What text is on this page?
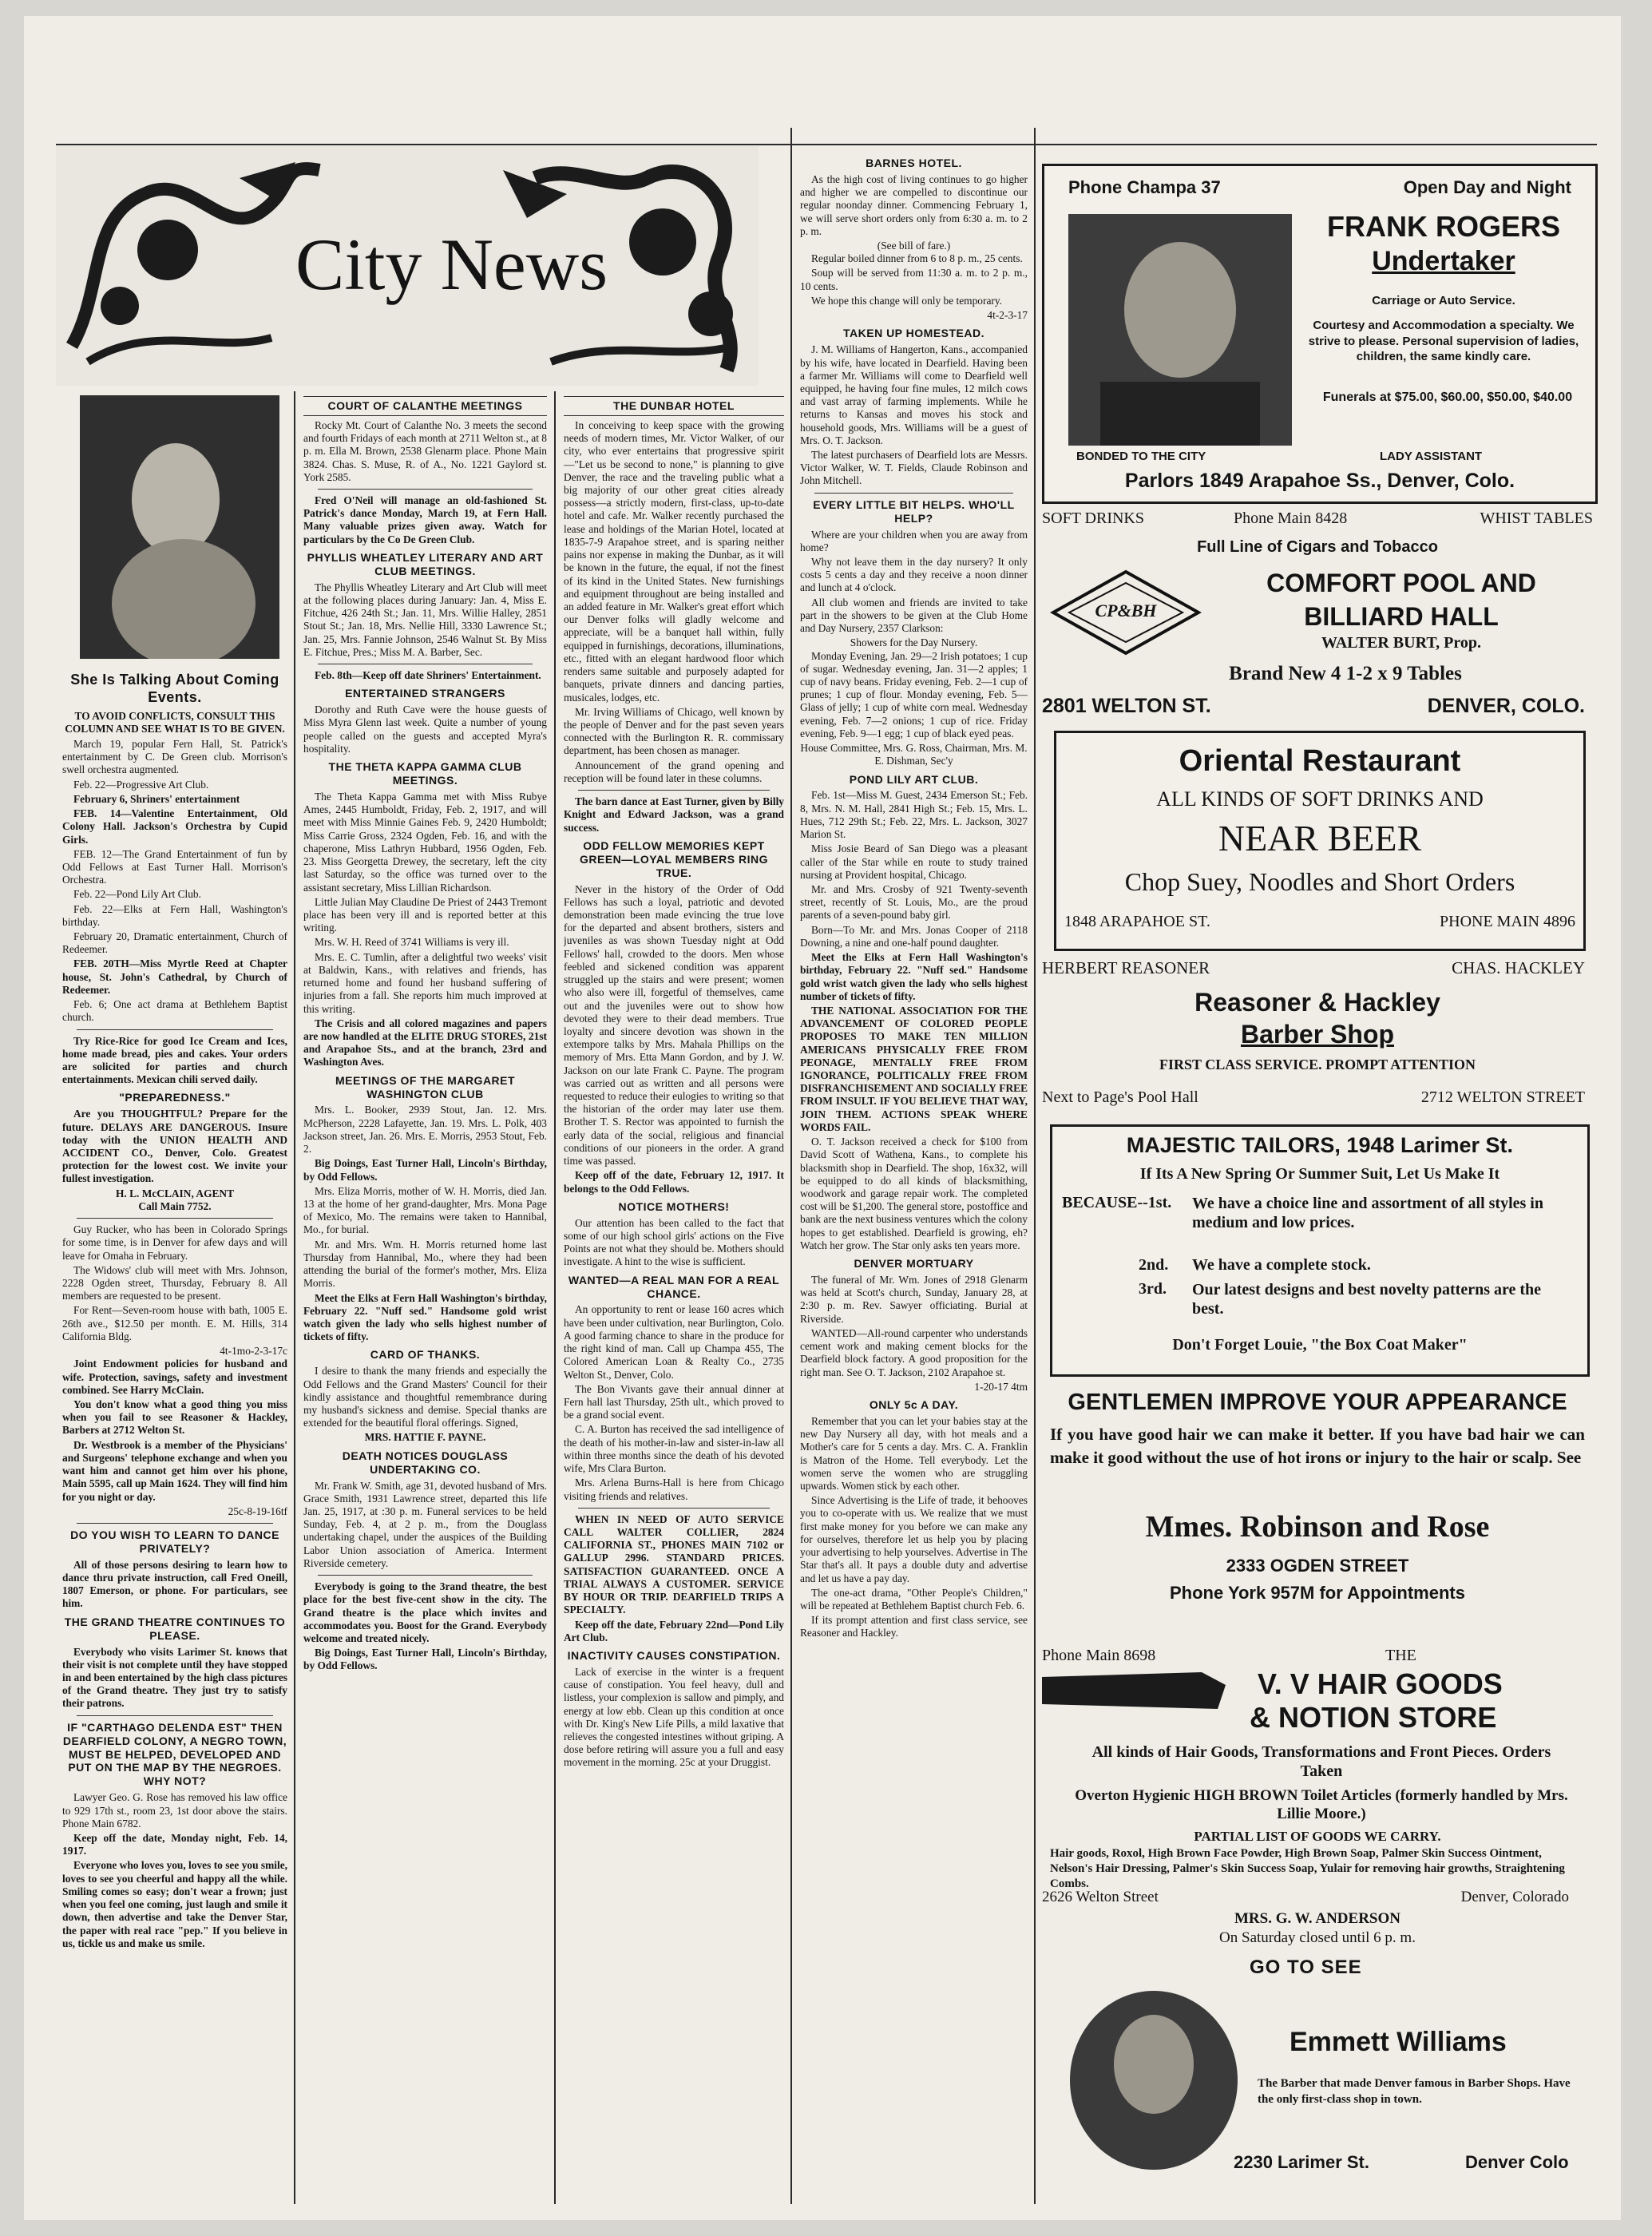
City News
She Is Talking About Coming Events.
TO AVOID CONFLICTS, CONSULT THIS COLUMN AND SEE WHAT IS TO BE GIVEN.

March 19, popular Fern Hall, St. Patrick's entertainment by C. De Green club. Morrison's swell orchestra augmented.

Feb. 22—Progressive Art Club.

February 6, Shriners' entertainment

FEB. 14—Valentine Entertainment, Old Colony Hall. Jackson's Orchestra by Cupid Girls.

FEB. 12—The Grand Entertainment of fun by Odd Fellows at East Turner Hall. Morrison's Orchestra.

Feb. 22—Pond Lily Art Club.

Feb. 22—Elks at Fern Hall, Washington's birthday.

February 20, Dramatic entertainment, Church of Redeemer.

FEB. 20TH—Miss Myrtle Reed at Chapter house, St. John's Cathedral, by Church of Redeemer.

Feb. 6; One act drama at Bethlehem Baptist church.

Try Rice-Rice for good Ice Cream and Ices, home made bread, pies and cakes. Your orders are solicited for parties and church entertainments. Mexican chili served daily.

"PREPAREDNESS."

Are you THOUGHTFUL? Prepare for the future. DELAYS ARE DANGEROUS. Insure today with the UNION HEALTH AND ACCIDENT CO., Denver, Colo. Greatest protection for the lowest cost. We invite your fullest investigation.

H. L. McCLAIN, AGENT
Call Main 7752.

Guy Rucker, who has been in Colorado Springs for some time, is in Denver for afew days and will leave for Omaha in February.

The Widows' club will meet with Mrs. Johnson, 2228 Ogden street, Thursday, February 8. All members are requested to be present.

For Rent—Seven-room house with bath, 1005 E. 26th ave., $12.50 per month. E. M. Hills, 314 California Bldg.

4t-1mo-2-3-17c

Joint Endowment policies for husband and wife. Protection, savings, safety and investment combined. See Harry McClain.

You don't know what a good thing you miss when you fail to see Reasoner & Hackley, Barbers at 2712 Welton St.

Dr. Westbrook is a member of the Physicians' and Surgeons' telephone exchange and when you want him and cannot get him over his phone, Main 5595, call up Main 1624. They will find him for you night or day.

25c-8-19-16tf
DO YOU WISH TO LEARN TO DANCE PRIVATELY?

All of those persons desiring to learn how to dance thru private instruction, call Fred Oneill, 1807 Emerson, or phone. For particulars, see him.

THE GRAND THEATRE CONTINUES TO PLEASE.

Everybody who visits Larimer St. knows that their visit is not complete until they have stopped in and been entertained by the high class pictures of the Grand theatre. They just try to satisfy their patrons.

IF "CARTHAGO DELENDA EST" THEN DEARFIELD COLONY, A NEGRO TOWN, MUST BE HELPED, DEVELOPED AND PUT ON THE MAP BY THE NEGROES. WHY NOT?

Lawyer Geo. G. Rose has removed his law office to 929 17th st., room 23, 1st door above the stairs. Phone Main 6782.

Keep off the date, Monday night, Feb. 14, 1917.

Everyone who loves you, loves to see you smile, loves to see you cheerful and happy all the while. Smiling comes so easy; don't wear a frown; just when you feel one coming, just laugh and smile it down, then advertise and take the Denver Star, the paper with real race "pep." If you believe in us, tickle us and make us smile.

COURT OF CALANTHE MEETINGS

Rocky Mt. Court of Calanthe No. 3 meets the second and fourth Fridays of each month at 2711 Welton st., at 8 p. m. Ella M. Brown, 2538 Glenarm place. Phone Main 3824. Chas. S. Muse, R. of A., No. 1221 Gaylord st. York 2585.

Fred O'Neil will manage an old-fashioned St. Patrick's dance Monday, March 19, at Fern Hall. Many valuable prizes given away. Watch for particulars by the Co De Green Club.

PHYLLIS WHEATLEY LITERARY AND ART CLUB MEETINGS.

The Phyllis Wheatley Literary and Art Club will meet at the following places during January: Jan. 4, Miss E. Fitchue, 426 24th St.; Jan. 11, Mrs. Willie Halley, 2851 Stout St.; Jan. 18, Mrs. Nellie Hill, 3330 Lawrence St.; Jan. 25, Mrs. Fannie Johnson, 2546 Walnut St. By Miss E. Fitchue, Pres.; Miss M. A. Barber, Sec.

Feb. 8th—Keep off date Shriners' Entertainment.

ENTERTAINED STRANGERS

Dorothy and Ruth Cave were the house guests of Miss Myra Glenn last week. Quite a number of young people called on the guests and accepted Myra's hospitality.

THE THETA KAPPA GAMMA CLUB MEETINGS.

The Theta Kappa Gamma met with Miss Rubye Ames, 2445 Humboldt, Friday, Feb. 2, 1917, and will meet with Miss Minnie Gaines Feb. 9, 2420 Humboldt; Miss Carrie Gross, 2324 Ogden, Feb. 16, and with the chaperone, Miss Lathryn Hubbard, 1956 Ogden, Feb. 23. Miss Georgetta Drewey, the secretary, left the city last Saturday, so the office was turned over to the assistant secretary, Miss Lillian Richardson.

Little Julian May Claudine De Priest of 2443 Tremont place has been very ill and is reported better at this writing.

Mrs. W. H. Reed of 3741 Williams is very ill.

Mrs. E. C. Tumlin, after a delightful two weeks' visit at Baldwin, Kans., with relatives and friends, has returned home and found her husband suffering of injuries from a fall. She reports him much improved at this writing.

The Crisis and all colored magazines and papers are now handled at the ELITE DRUG STORES, 21st and Arapahoe Sts., and at the branch, 23rd and Washington Aves.

MEETINGS OF THE MARGARET WASHINGTON CLUB

Mrs. L. Booker, 2939 Stout, Jan. 12. Mrs. McPherson, 2228 Lafayette, Jan. 19. Mrs. L. Polk, 403 Jackson street, Jan. 26. Mrs. E. Morris, 2953 Stout, Feb. 2.

Big Doings, East Turner Hall, Lincoln's Birthday, by Odd Fellows.

Mrs. Eliza Morris, mother of W. H. Morris, died Jan. 13 at the home of her grand-daughter, Mrs. Mona Page of Mexico, Mo. The remains were taken to Hannibal, Mo., for burial.

Mr. and Mrs. Wm. H. Morris returned home last Thursday from Hannibal, Mo., where they had been attending the burial of the former's mother, Mrs. Eliza Morris.

Meet the Elks at Fern Hall Washington's birthday, February 22. "Nuff sed." Handsome gold wrist watch given the lady who sells highest number of tickets of fifty.

CARD OF THANKS.

I desire to thank the many friends and especially the Odd Fellows and the Grand Masters' Council for their kindly assistance and thoughtful remembrance during my husband's sickness and demise. Special thanks are extended for the beautiful floral offerings. Signed,

MRS. HATTIE F. PAYNE.
DEATH NOTICES DOUGLASS UNDERTAKING CO.

Mr. Frank W. Smith, age 31, devoted husband of Mrs. Grace Smith, 1931 Lawrence street, departed this life Jan. 25, 1917, at :30 p. m. Funeral services to be held Sunday, Feb. 4, at 2 p. m., from the Douglass undertaking chapel, under the auspices of the Building Labor Union association of America. Interment Riverside cemetery.

Everybody is going to the 3rand theatre, the best place for the best five-cent show in the city. The Grand theatre is the place which invites and accommodates you. Boost for the Grand. Everybody welcome and treated nicely.

Big Doings, East Turner Hall, Lincoln's Birthday, by Odd Fellows.

THE DUNBAR HOTEL

In conceiving to keep space with the growing needs of modern times, Mr. Victor Walker, of our city, who ever entertains that progressive spirit—"Let us be second to none," is planning to give Denver, the race and the traveling public what a big majority of our other great cities already possess—a strictly modern, first-class, up-to-date hotel and cafe. Mr. Walker recently purchased the lease and holdings of the Marian Hotel, located at 1835-7-9 Arapahoe street, and is sparing neither pains nor expense in making the Dunbar, as it will be known in the future, the equal, if not the finest of its kind in the United States. New furnishings and equipment throughout are being installed and an added feature in Mr. Walker's great effort which our Denver folks will gladly welcome and appreciate, will be a banquet hall within, fully equipped in furnishings, decorations, illuminations, etc., fitted with an elegant hardwood floor which renders same suitable and purposely adapted for banquets, private dinners and dancing parties, musicales, lodges, etc.

Mr. Irving Williams of Chicago, well known by the people of Denver and for the past seven years connected with the Burlington R. R. commissary department, has been chosen as manager.

Announcement of the grand opening and reception will be found later in these columns.

The barn dance at East Turner, given by Billy Knight and Edward Jackson, was a grand success.

ODD FELLOW MEMORIES KEPT GREEN—LOYAL MEMBERS RING TRUE.

Never in the history of the Order of Odd Fellows has such a loyal, patriotic and devoted demonstration been made evincing the true love for the departed and absent brothers, sisters and juveniles as was shown Tuesday night at Odd Fellows' hall, crowded to the doors. Men whose feebled and sickened condition was apparent struggled up the stairs and were present; women who also were ill, forgetful of themselves, came out and the juveniles were out to show how devoted they were to their dead members. True loyalty and sincere devotion was shown in the extempore talks by Mrs. Mahala Phillips on the memory of Mrs. Etta Mann Gordon, and by J. W. Jackson on our late Frank C. Payne. The program was carried out as written and all persons were requested to reduce their eulogies to writing so that the historian of the order may later use them. Brother T. S. Rector was appointed to furnish the early data of the social, religious and financial conditions of our pioneers in the order. A grand time was passed.

Keep off of the date, February 12, 1917. It belongs to the Odd Fellows.

NOTICE MOTHERS!

Our attention has been called to the fact that some of our high school girls' actions on the Five Points are not what they should be. Mothers should investigate. A hint to the wise is sufficient.

WANTED—A REAL MAN FOR A REAL CHANCE.

An opportunity to rent or lease 160 acres which have been under cultivation, near Burlington, Colo. A good farming chance to share in the produce for the right kind of man. Call up Champa 455, The Colored American Loan & Realty Co., 2735 Welton St., Denver, Colo.

The Bon Vivants gave their annual dinner at Fern hall last Thursday, 25th ult., which proved to be a grand social event.

C. A. Burton has received the sad intelligence of the death of his mother-in-law and sister-in-law all within three months since the death of his devoted wife, Mrs Clara Burton.

Mrs. Arlena Burns-Hall is here from Chicago visiting friends and relatives.

WHEN IN NEED OF AUTO SERVICE CALL WALTER COLLIER, 2824 CALIFORNIA ST., PHONES MAIN 7102 or GALLUP 2996. STANDARD PRICES. SATISFACTION GUARANTEED. ONCE A TRIAL ALWAYS A CUSTOMER. SERVICE BY HOUR OR TRIP. DEARFIELD TRIPS A SPECIALTY.

Keep off the date, February 22nd—Pond Lily Art Club.

INACTIVITY CAUSES CONSTIPATION.

Lack of exercise in the winter is a frequent cause of constipation. You feel heavy, dull and listless, your complexion is sallow and pimply, and energy at low ebb. Clean up this condition at once with Dr. King's New Life Pills, a mild laxative that relieves the congested intestines without griping. A dose before retiring will assure you a full and easy movement in the morning. 25c at your Druggist.

BARNES HOTEL.

As the high cost of living continues to go higher and higher we are compelled to discontinue our regular noonday dinner. Commencing February 1, we will serve short orders only from 6:30 a. m. to 2 p. m.

(See bill of fare.)

Regular boiled dinner from 6 to 8 p. m., 25 cents.

Soup will be served from 11:30 a. m. to 2 p. m., 10 cents.

We hope this change will only be temporary.

4t-2-3-17
TAKEN UP HOMESTEAD.

J. M. Williams of Hangerton, Kans., accompanied by his wife, have located in Dearfield. Having been a farmer Mr. Williams will come to Dearfield well equipped, he having four fine mules, 12 milch cows and vast array of farming implements. While he returns to Kansas and moves his stock and household goods, Mrs. Williams will be a guest of Mrs. O. T. Jackson.

The latest purchasers of Dearfield lots are Messrs. Victor Walker, W. T. Fields, Claude Robinson and John Mitchell.

EVERY LITTLE BIT HELPS. WHO'LL HELP?

Where are your children when you are away from home?

Why not leave them in the day nursery? It only costs 5 cents a day and they receive a noon dinner and lunch at 4 o'clock.

All club women and friends are invited to take part in the showers to be given at the Club Home and Day Nursery, 2357 Clarkson:

Showers for the Day Nursery.

Monday Evening, Jan. 29—2 Irish potatoes; 1 cup of sugar. Wednesday evening, Jan. 31—2 apples; 1 cup of navy beans. Friday evening, Feb. 2—1 cup of prunes; 1 cup of flour. Monday evening, Feb. 5—Glass of jelly; 1 cup of white corn meal. Wednesday evening, Feb. 7—2 onions; 1 cup of rice. Friday evening, Feb. 9—1 egg; 1 cup of black eyed peas.

House Committee, Mrs. G. Ross, Chairman, Mrs. M. E. Dishman, Sec'y
POND LILY ART CLUB.

Feb. 1st—Miss M. Guest, 2434 Emerson St.; Feb. 8, Mrs. N. M. Hall, 2841 High St.; Feb. 15, Mrs. L. Hues, 712 29th St.; Feb. 22, Mrs. L. Jackson, 3027 Marion St.

Miss Josie Beard of San Diego was a pleasant caller of the Star while en route to study trained nursing at Provident hospital, Chicago.

Mr. and Mrs. Crosby of 921 Twenty-seventh street, recently of St. Louis, Mo., are the proud parents of a seven-pound baby girl.

Born—To Mr. and Mrs. Jonas Cooper of 2118 Downing, a nine and one-half pound daughter.

Meet the Elks at Fern Hall Washington's birthday, February 22. "Nuff sed." Handsome gold wrist watch given the lady who sells highest number of tickets of fifty.

THE NATIONAL ASSOCIATION FOR THE ADVANCEMENT OF COLORED PEOPLE PROPOSES TO MAKE TEN MILLION AMERICANS PHYSICALLY FREE FROM PEONAGE, MENTALLY FREE FROM IGNORANCE, POLITICALLY FREE FROM DISFRANCHISEMENT AND SOCIALLY FREE FROM INSULT. IF YOU BELIEVE THAT WAY, JOIN THEM. ACTIONS SPEAK WHERE WORDS FAIL.

O. T. Jackson received a check for $100 from David Scott of Wathena, Kans., to complete his blacksmith shop in Dearfield. The shop, 16x32, will be equipped to do all kinds of blacksmithing, woodwork and garage repair work. The completed cost will be $1,200. The general store, postoffice and bank are the next business ventures which the colony hopes to get established. Dearfield is growing, eh? Watch her grow. The Star only asks ten years more.

DENVER MORTUARY

The funeral of Mr. Wm. Jones of 2918 Glenarm was held at Scott's church, Sunday, January 28, at 2:30 p. m. Rev. Sawyer officiating. Burial at Riverside.

WANTED—All-round carpenter who understands cement work and making cement blocks for the Dearfield block factory. A good proposition for the right man. See O. T. Jackson, 2102 Arapahoe st.

1-20-17 4tm
ONLY 5c A DAY.

Remember that you can let your babies stay at the new Day Nursery all day, with hot meals and a Mother's care for 5 cents a day. Mrs. C. A. Franklin is Matron of the Home. Tell everybody. Let the women serve the women who are struggling upwards. Women stick by each other.

Since Advertising is the Life of trade, it behooves you to co-operate with us. We realize that we must first make money for you before we can make any for ourselves, therefore let us help you by placing your advertising to help yourselves. Advertise in The Star that's all. It pays a double duty and advertise and let us have a pay day.

The one-act drama, "Other People's Children," will be repeated at Bethlehem Baptist church Feb. 6.

If its prompt attention and first class service, see Reasoner and Hackley.

Phone Champa 37	Open Day and Night
FRANK ROGERS
Undertaker
Carriage or Auto Service.
Courtesy and Accommodation a specialty. We strive to please. Personal supervision of ladies, children, the same kindly care.
Funerals at $75.00, $60.00, $50.00, $40.00
BONDED TO THE CITY	LADY ASSISTANT
Parlors 1849 Arapahoe Ss., Denver, Colo.
SOFT DRINKS	Phone Main 8428	WHIST TABLES
Full Line of Cigars and Tobacco
CP&BH
COMFORT POOL AND
BILLIARD HALL
WALTER BURT, Prop.
Brand New 4 1-2 x 9 Tables
2801 WELTON ST.	DENVER, COLO.
Oriental Restaurant
ALL KINDS OF SOFT DRINKS AND
NEAR BEER
Chop Suey, Noodles and Short Orders
1848 ARAPAHOE ST.	PHONE MAIN 4896
HERBERT REASONER	CHAS. HACKLEY
Reasoner & Hackley
Barber Shop
FIRST CLASS SERVICE. PROMPT ATTENTION
Next to Page's Pool Hall	2712 WELTON STREET
MAJESTIC TAILORS, 1948 Larimer St.
If Its A New Spring Or Summer Suit, Let Us Make It
BECAUSE--1st. We have a choice line and assortment of all styles in medium and low prices.
2nd. We have a complete stock.
3rd. Our latest designs and best novelty patterns are the best.
Don't Forget Louie, "the Box Coat Maker"
GENTLEMEN IMPROVE YOUR APPEARANCE
If you have good hair we can make it better. If you have bad hair we can make it good without the use of hot irons or injury to the hair or scalp. See
Mmes. Robinson and Rose
2333 OGDEN STREET
Phone York 957M for Appointments
Phone Main 8698	THE
V. V HAIR GOODS
& NOTION STORE
All kinds of Hair Goods, Transformations and Front Pieces. Orders Taken
Overton Hygienic HIGH BROWN Toilet Articles (formerly handled by Mrs. Lillie Moore.)
PARTIAL LIST OF GOODS WE CARRY.
Hair goods, Roxol, High Brown Face Powder, High Brown Soap, Palmer Skin Success Ointment, Nelson's Hair Dressing, Palmer's Skin Success Soap, Yulair for removing hair growths, Straightening Combs.
2626 Welton Street	Denver, Colorado
MRS. G. W. ANDERSON
On Saturday closed until 6 p. m.
GO TO SEE
Emmett Williams
The Barber that made Denver famous in Barber Shops. Have the only first-class shop in town.
2230 Larimer St.	Denver Colo
